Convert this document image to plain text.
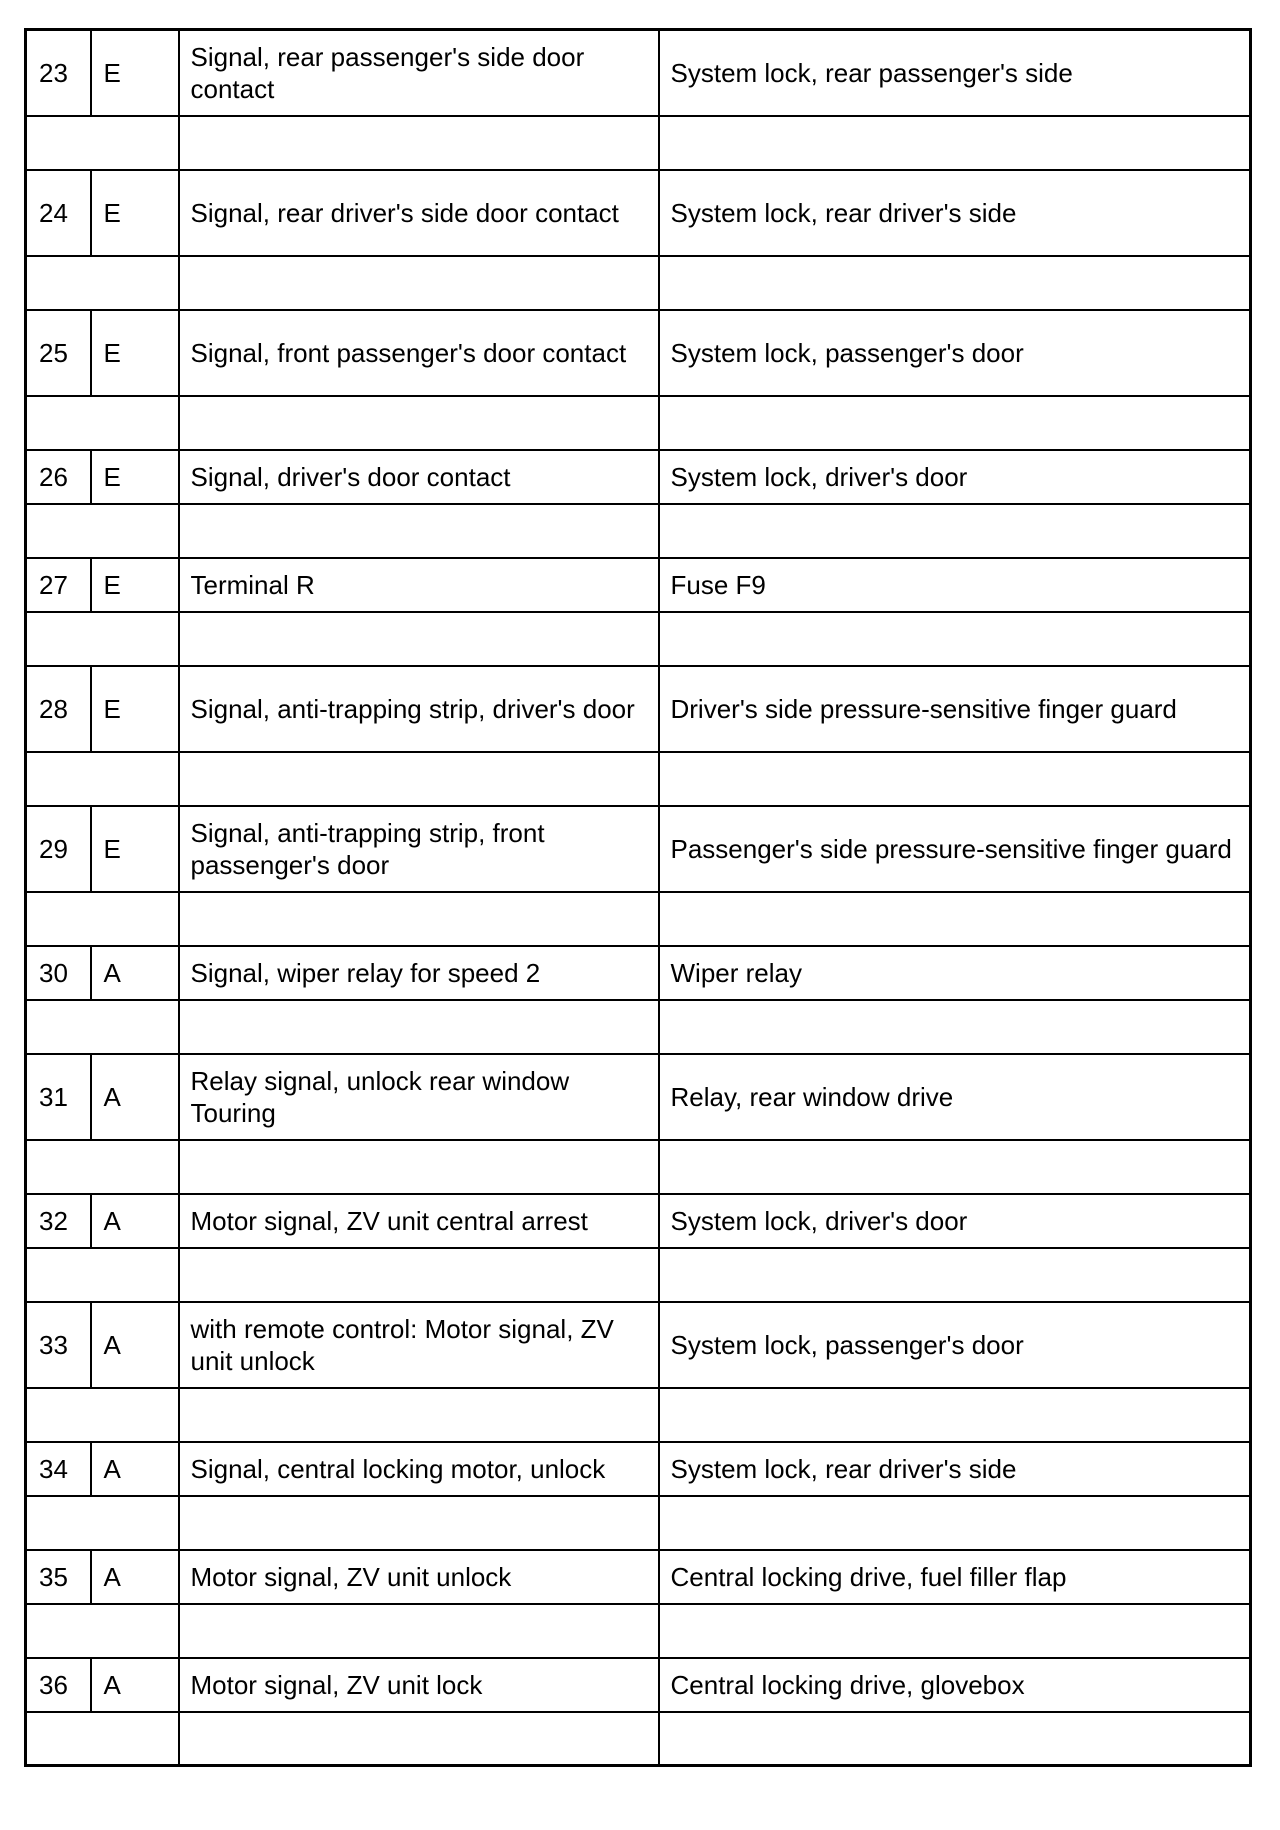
23	E	Signal, rear passenger's side door contact	System lock, rear passenger's side

24	E	Signal, rear driver's side door contact	System lock, rear driver's side

25	E	Signal, front passenger's door contact	System lock, passenger's door

26	E	Signal, driver's door contact	System lock, driver's door

27	E	Terminal R	Fuse F9

28	E	Signal, anti-trapping strip, driver's door	Driver's side pressure-sensitive finger guard

29	E	Signal, anti-trapping strip, front passenger's door	Passenger's side pressure-sensitive finger guard

30	A	Signal, wiper relay for speed 2	Wiper relay

31	A	Relay signal, unlock rear window Touring	Relay, rear window drive

32	A	Motor signal, ZV unit central arrest	System lock, driver's door

33	A	with remote control: Motor signal, ZV unit unlock	System lock, passenger's door

34	A	Signal, central locking motor, unlock	System lock, rear driver's side

35	A	Motor signal, ZV unit unlock	Central locking drive, fuel filler flap

36	A	Motor signal, ZV unit lock	Central locking drive, glovebox
